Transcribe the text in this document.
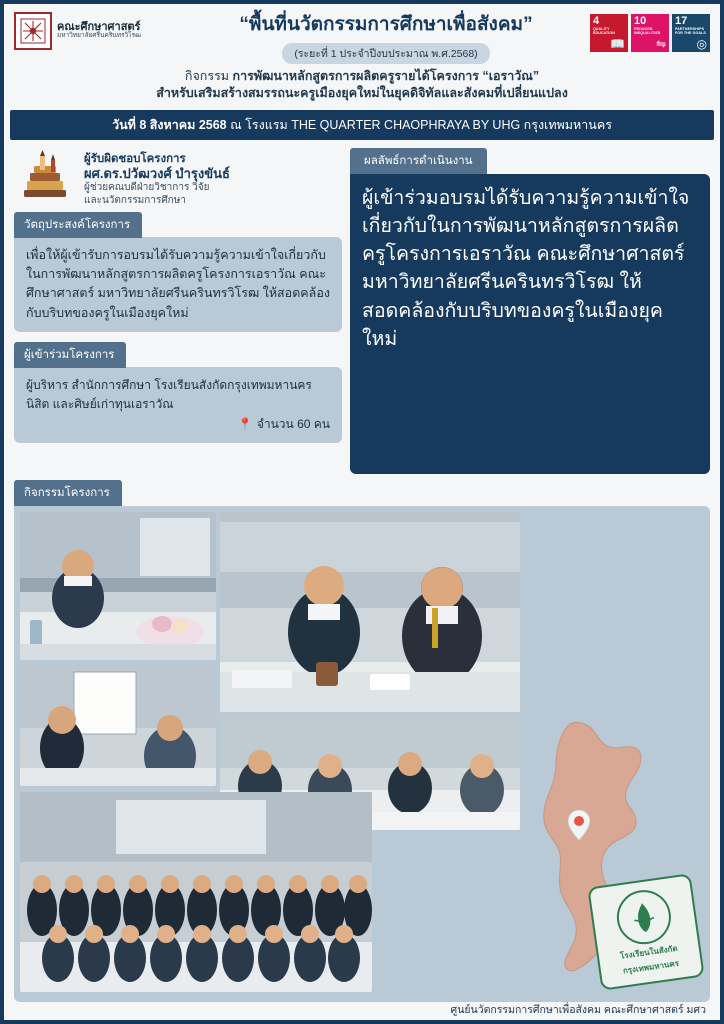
คณะศึกษาศาสตร์
มหาวิทยาลัยศรีนครินทรวิโรฒ
“พื้นที่นวัตกรรมการศึกษาเพื่อสังคม”
(ระยะที่ 1 ประจำปีงบประมาณ พ.ศ.2568)
4
QUALITY EDUCATION
📖
10
REDUCED INEQUALITIES
⇋
17
PARTNERSHIPS FOR THE GOALS
◎
กิจกรรม การพัฒนาหลักสูตรการผลิตครูรายได้โครงการ “เอราวัณ”
สำหรับเสริมสร้างสมรรถนะครูเมืองยุคใหม่ในยุคดิจิทัลและสังคมที่เปลี่ยนแปลง
วันที่ 8 สิงหาคม 2568 ณ โรงแรม THE QUARTER CHAOPHRAYA BY UHG กรุงเทพมหานคร
ผู้รับผิดชอบโครงการ
ผศ.ดร.ปวัฒวงศ์ บำรุงขันธ์
ผู้ช่วยคณบดีฝ่ายวิชาการ วิจัย
และนวัตกรรมการศึกษา
วัตถุประสงค์โครงการ
เพื่อให้ผู้เข้ารับการอบรมได้รับความรู้ความเข้าใจเกี่ยวกับในการพัฒนาหลักสูตรการผลิตครูโครงการเอราวัณ คณะศึกษาศาสตร์ มหาวิทยาลัยศรีนครินทรวิโรฒ ให้สอดคล้องกับบริบทของครูในเมืองยุคใหม่
ผู้เข้าร่วมโครงการ
ผู้บริหาร สำนักการศึกษา โรงเรียนสังกัดกรุงเทพมหานคร นิสิต และศิษย์เก่าทุนเอราวัณ
📍 จำนวน 60 คน
ผลลัพธ์การดำเนินงาน
ผู้เข้าร่วมอบรมได้รับความรู้ความเข้าใจเกี่ยวกับในการพัฒนาหลักสูตรการผลิตครูโครงการเอราวัณ คณะศึกษาศาสตร์ มหาวิทยาลัยศรีนครินทรวิโรฒ ให้สอดคล้องกับบริบทของครูในเมืองยุคใหม่
กิจกรรมโครงการ
โรงเรียนในสังกัด
กรุงเทพมหานคร
ศูนย์นวัตกรรมการศึกษาเพื่อสังคม คณะศึกษาศาสตร์ มศว
